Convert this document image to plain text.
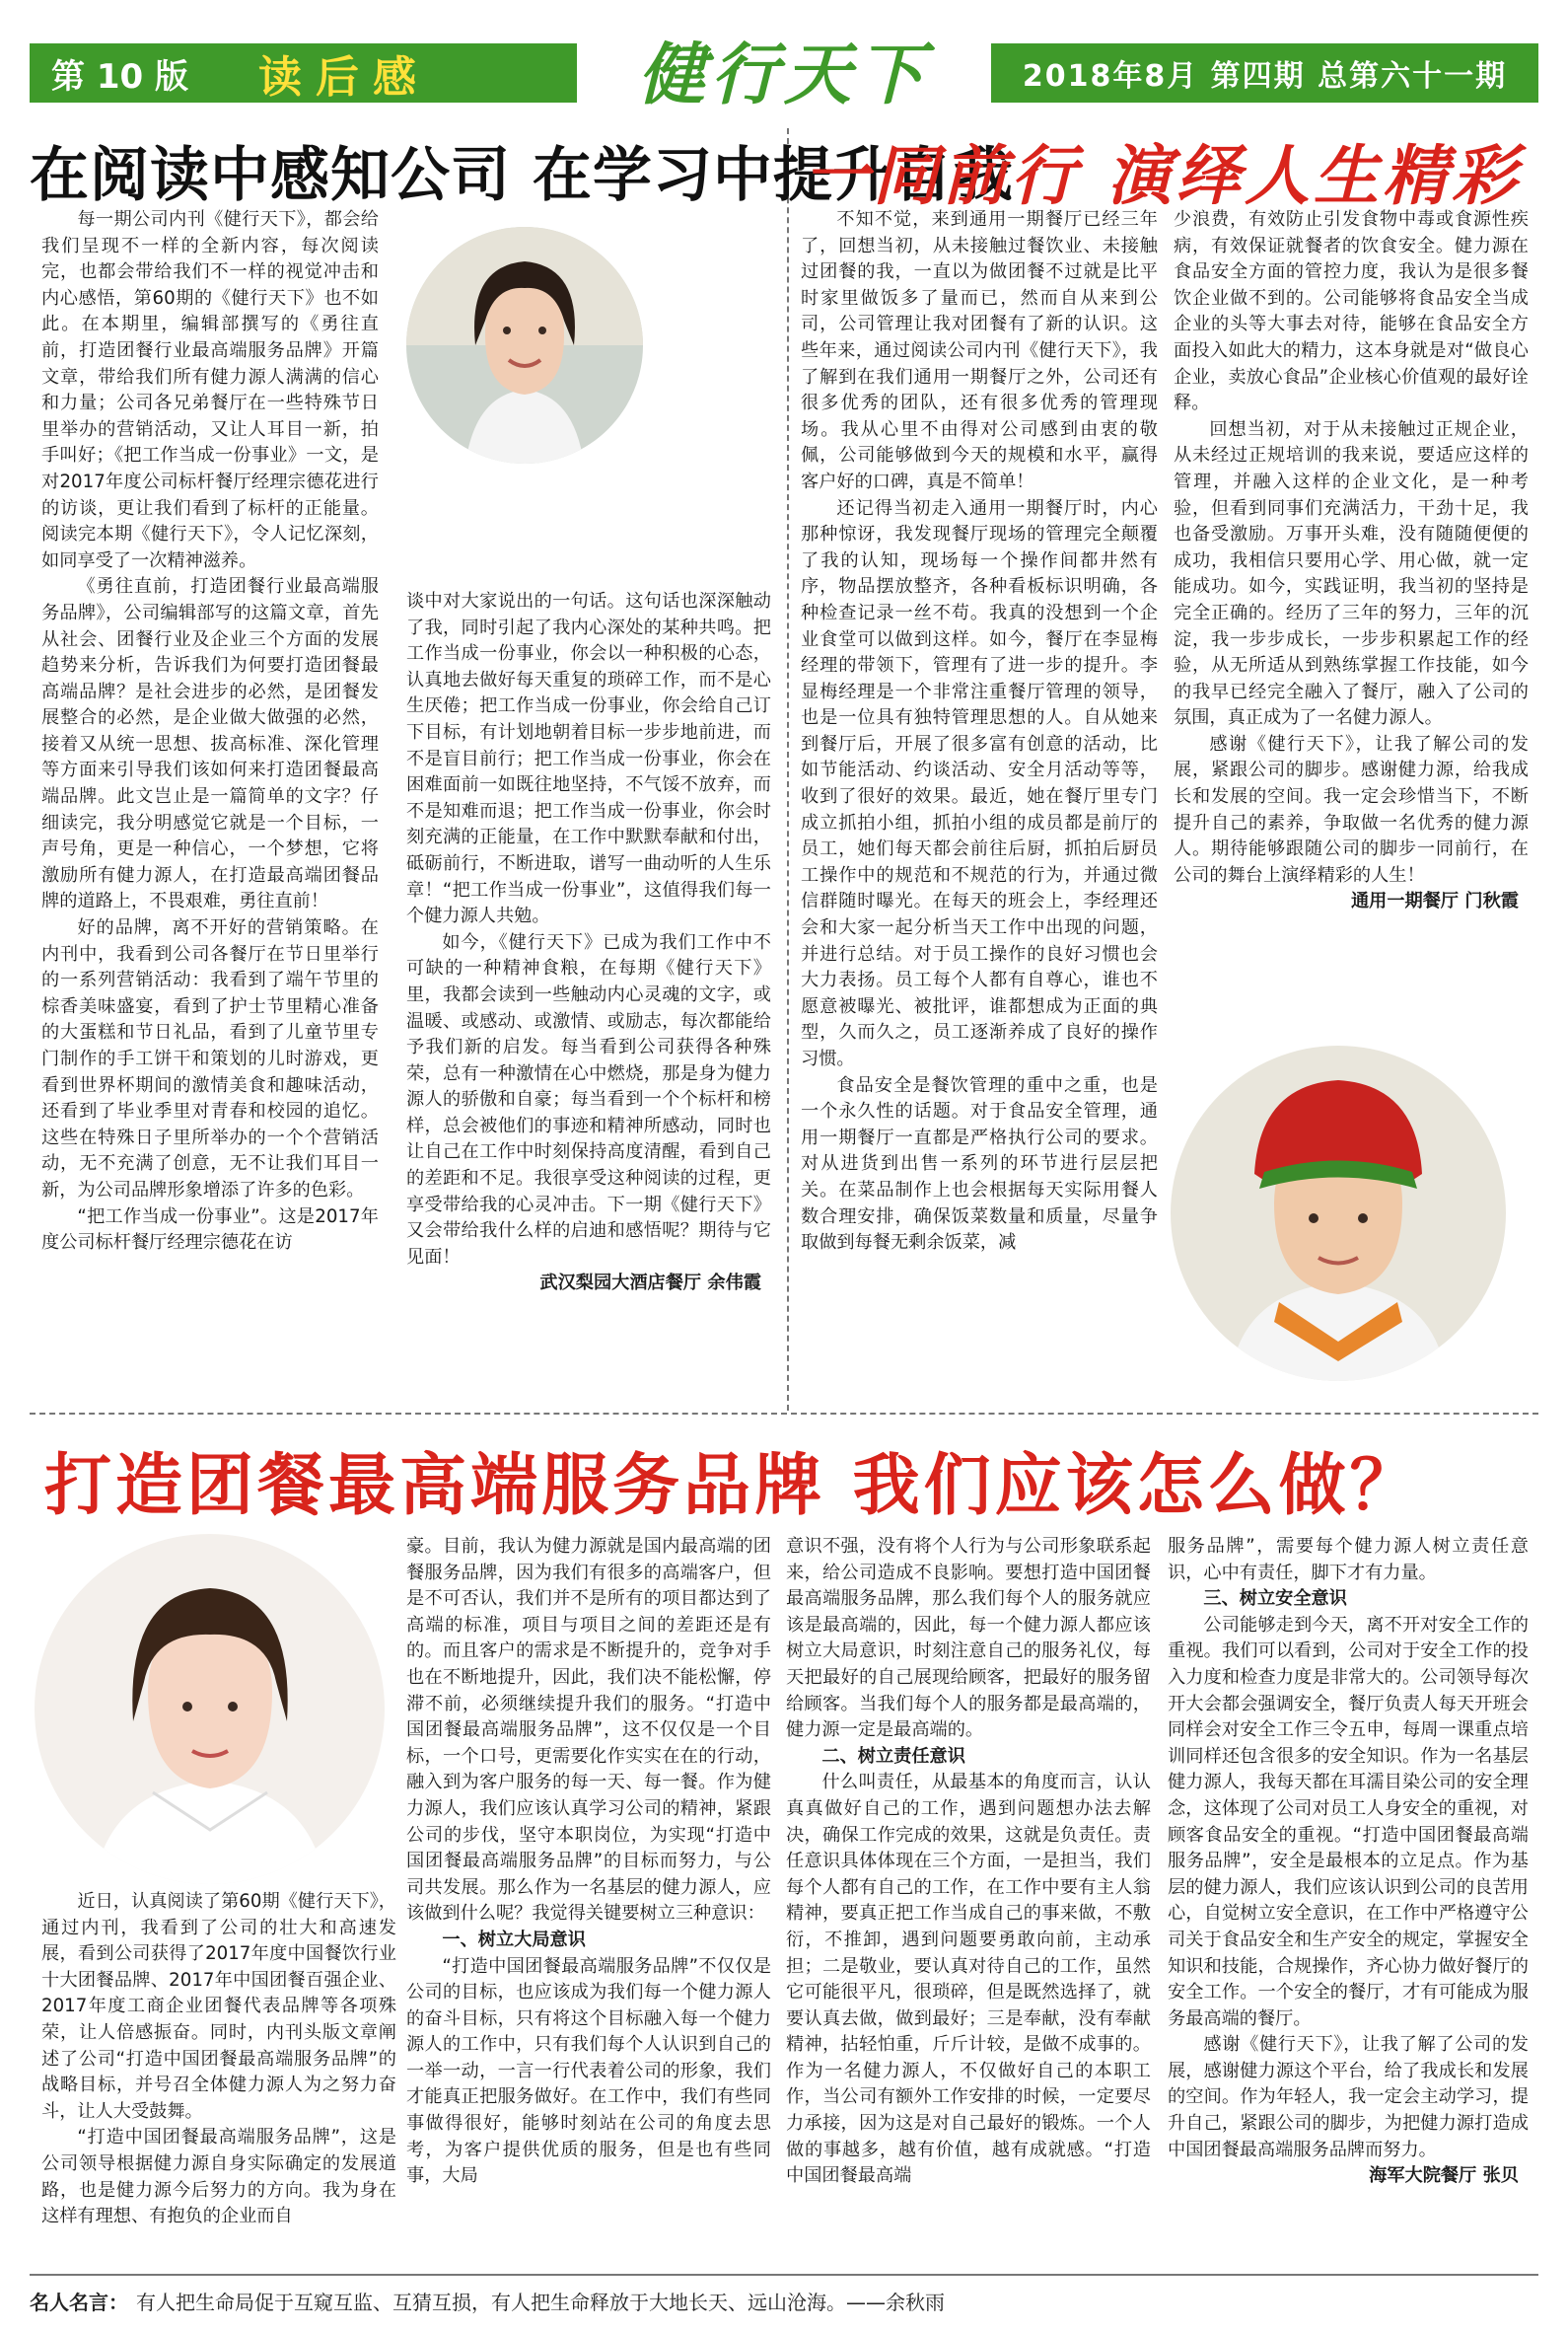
第 10 版	读后感	健行天下	2018年8月 第四期 总第六十一期
在阅读中感知公司 在学习中提升自我

每一期公司内刊《健行天下》，都会给我们呈现不一样的全新内容，每次阅读完，也都会带给我们不一样的视觉冲击和内心感悟，第60期的《健行天下》也不如此。在本期里，编辑部撰写的《勇往直前，打造团餐行业最高端服务品牌》开篇文章，带给我们所有健力源人满满的信心和力量；公司各兄弟餐厅在一些特殊节日里举办的营销活动，又让人耳目一新，拍手叫好；《把工作当成一份事业》一文，是对2017年度公司标杆餐厅经理宗德花进行的访谈，更让我们看到了标杆的正能量。阅读完本期《健行天下》，令人记忆深刻，如同享受了一次精神滋养。

《勇往直前，打造团餐行业最高端服务品牌》，公司编辑部写的这篇文章，首先从社会、团餐行业及企业三个方面的发展趋势来分析，告诉我们为何要打造团餐最高端品牌？是社会进步的必然，是团餐发展整合的必然，是企业做大做强的必然，接着又从统一思想、拔高标准、深化管理等方面来引导我们该如何来打造团餐最高端品牌。此文岂止是一篇简单的文字？仔细读完，我分明感觉它就是一个目标，一声号角，更是一种信心，一个梦想，它将激励所有健力源人，在打造最高端团餐品牌的道路上，不畏艰难，勇往直前！

好的品牌，离不开好的营销策略。在内刊中，我看到公司各餐厅在节日里举行的一系列营销活动：我看到了端午节里的棕香美味盛宴，看到了护士节里精心准备的大蛋糕和节日礼品，看到了儿童节里专门制作的手工饼干和策划的儿时游戏，更看到世界杯期间的激情美食和趣味活动，还看到了毕业季里对青春和校园的追忆。这些在特殊日子里所举办的一个个营销活动，无不充满了创意，无不让我们耳目一新，为公司品牌形象增添了许多的色彩。

“把工作当成一份事业”。这是2017年度公司标杆餐厅经理宗德花在访

谈中对大家说出的一句话。这句话也深深触动了我，同时引起了我内心深处的某种共鸣。把工作当成一份事业，你会以一种积极的心态，认真地去做好每天重复的琐碎工作，而不是心生厌倦；把工作当成一份事业，你会给自己订下目标，有计划地朝着目标一步步地前进，而不是盲目前行；把工作当成一份事业，你会在困难面前一如既往地坚持，不气馁不放弃，而不是知难而退；把工作当成一份事业，你会时刻充满的正能量，在工作中默默奉献和付出，砥砺前行，不断进取，谱写一曲动听的人生乐章！“把工作当成一份事业”，这值得我们每一个健力源人共勉。

如今，《健行天下》已成为我们工作中不可缺的一种精神食粮，在每期《健行天下》里，我都会读到一些触动内心灵魂的文字，或温暖、或感动、或激情、或励志，每次都能给予我们新的启发。每当看到公司获得各种殊荣，总有一种激情在心中燃烧，那是身为健力源人的骄傲和自豪；每当看到一个个标杆和榜样，总会被他们的事迹和精神所感动，同时也让自己在工作中时刻保持高度清醒，看到自己的差距和不足。我很享受这种阅读的过程，更享受带给我的心灵冲击。下一期《健行天下》又会带给我什么样的启迪和感悟呢？期待与它见面！

武汉梨园大酒店餐厅 余伟霞

一同前行 演绎人生精彩

不知不觉，来到通用一期餐厅已经三年了，回想当初，从未接触过餐饮业、未接触过团餐的我，一直以为做团餐不过就是比平时家里做饭多了量而已，然而自从来到公司，公司管理让我对团餐有了新的认识。这些年来，通过阅读公司内刊《健行天下》，我了解到在我们通用一期餐厅之外，公司还有很多优秀的团队，还有很多优秀的管理现场。我从心里不由得对公司感到由衷的敬佩，公司能够做到今天的规模和水平，赢得客户好的口碑，真是不简单！

还记得当初走入通用一期餐厅时，内心那种惊讶，我发现餐厅现场的管理完全颠覆了我的认知，现场每一个操作间都井然有序，物品摆放整齐，各种看板标识明确，各种检查记录一丝不苟。我真的没想到一个企业食堂可以做到这样。如今，餐厅在李显梅经理的带领下，管理有了进一步的提升。李显梅经理是一个非常注重餐厅管理的领导，也是一位具有独特管理思想的人。自从她来到餐厅后，开展了很多富有创意的活动，比如节能活动、约谈活动、安全月活动等等，收到了很好的效果。最近，她在餐厅里专门成立抓拍小组，抓拍小组的成员都是前厅的员工，她们每天都会前往后厨，抓拍后厨员工操作中的规范和不规范的行为，并通过微信群随时曝光。在每天的班会上，李经理还会和大家一起分析当天工作中出现的问题，并进行总结。对于员工操作的良好习惯也会大力表扬。员工每个人都有自尊心，谁也不愿意被曝光、被批评，谁都想成为正面的典型，久而久之，员工逐渐养成了良好的操作习惯。

食品安全是餐饮管理的重中之重，也是一个永久性的话题。对于食品安全管理，通用一期餐厅一直都是严格执行公司的要求。对从进货到出售一系列的环节进行层层把关。在菜品制作上也会根据每天实际用餐人数合理安排，确保饭菜数量和质量，尽量争取做到每餐无剩余饭菜，减

少浪费，有效防止引发食物中毒或食源性疾病，有效保证就餐者的饮食安全。健力源在食品安全方面的管控力度，我认为是很多餐饮企业做不到的。公司能够将食品安全当成企业的头等大事去对待，能够在食品安全方面投入如此大的精力，这本身就是对“做良心企业，卖放心食品”企业核心价值观的最好诠释。

回想当初，对于从未接触过正规企业，从未经过正规培训的我来说，要适应这样的管理，并融入这样的企业文化，是一种考验，但看到同事们充满活力，干劲十足，我也备受激励。万事开头难，没有随随便便的成功，我相信只要用心学、用心做，就一定能成功。如今，实践证明，我当初的坚持是完全正确的。经历了三年的努力，三年的沉淀，我一步步成长，一步步积累起工作的经验，从无所适从到熟练掌握工作技能，如今的我早已经完全融入了餐厅，融入了公司的氛围，真正成为了一名健力源人。

感谢《健行天下》，让我了解公司的发展，紧跟公司的脚步。感谢健力源，给我成长和发展的空间。我一定会珍惜当下，不断提升自己的素养，争取做一名优秀的健力源人。期待能够跟随公司的脚步一同前行，在公司的舞台上演绎精彩的人生！

通用一期餐厅 门秋霞

打造团餐最高端服务品牌 我们应该怎么做？

近日，认真阅读了第60期《健行天下》，通过内刊，我看到了公司的壮大和高速发展，看到公司获得了2017年度中国餐饮行业十大团餐品牌、2017年中国团餐百强企业、2017年度工商企业团餐代表品牌等各项殊荣，让人倍感振奋。同时，内刊头版文章阐述了公司“打造中国团餐最高端服务品牌”的战略目标，并号召全体健力源人为之努力奋斗，让人大受鼓舞。

“打造中国团餐最高端服务品牌”，这是公司领导根据健力源自身实际确定的发展道路，也是健力源今后努力的方向。我为身在这样有理想、有抱负的企业而自

豪。目前，我认为健力源就是国内最高端的团餐服务品牌，因为我们有很多的高端客户，但是不可否认，我们并不是所有的项目都达到了高端的标准，项目与项目之间的差距还是有的。而且客户的需求是不断提升的，竞争对手也在不断地提升，因此，我们决不能松懈，停滞不前，必须继续提升我们的服务。“打造中国团餐最高端服务品牌”，这不仅仅是一个目标，一个口号，更需要化作实实在在的行动，融入到为客户服务的每一天、每一餐。作为健力源人，我们应该认真学习公司的精神，紧跟公司的步伐，坚守本职岗位，为实现“打造中国团餐最高端服务品牌”的目标而努力，与公司共发展。那么作为一名基层的健力源人，应该做到什么呢？我觉得关键要树立三种意识：

一、树立大局意识

“打造中国团餐最高端服务品牌”不仅仅是公司的目标，也应该成为我们每一个健力源人的奋斗目标，只有将这个目标融入每一个健力源人的工作中，只有我们每个人认识到自己的一举一动，一言一行代表着公司的形象，我们才能真正把服务做好。在工作中，我们有些同事做得很好，能够时刻站在公司的角度去思考，为客户提供优质的服务，但是也有些同事，大局

意识不强，没有将个人行为与公司形象联系起来，给公司造成不良影响。要想打造中国团餐最高端服务品牌，那么我们每个人的服务就应该是最高端的，因此，每一个健力源人都应该树立大局意识，时刻注意自己的服务礼仪，每天把最好的自己展现给顾客，把最好的服务留给顾客。当我们每个人的服务都是最高端的，健力源一定是最高端的。

二、树立责任意识

什么叫责任，从最基本的角度而言，认认真真做好自己的工作，遇到问题想办法去解决，确保工作完成的效果，这就是负责任。责任意识具体体现在三个方面，一是担当，我们每个人都有自己的工作，在工作中要有主人翁精神，要真正把工作当成自己的事来做，不敷衍，不推卸，遇到问题要勇敢向前，主动承担；二是敬业，要认真对待自己的工作，虽然它可能很平凡，很琐碎，但是既然选择了，就要认真去做，做到最好；三是奉献，没有奉献精神，拈轻怕重，斤斤计较，是做不成事的。作为一名健力源人，不仅做好自己的本职工作，当公司有额外工作安排的时候，一定要尽力承接，因为这是对自己最好的锻炼。一个人做的事越多，越有价值，越有成就感。“打造中国团餐最高端

服务品牌”，需要每个健力源人树立责任意识，心中有责任，脚下才有力量。

三、树立安全意识

公司能够走到今天，离不开对安全工作的重视。我们可以看到，公司对于安全工作的投入力度和检查力度是非常大的。公司领导每次开大会都会强调安全，餐厅负责人每天开班会同样会对安全工作三令五申，每周一课重点培训同样还包含很多的安全知识。作为一名基层健力源人，我每天都在耳濡目染公司的安全理念，这体现了公司对员工人身安全的重视，对顾客食品安全的重视。“打造中国团餐最高端服务品牌”，安全是最根本的立足点。作为基层的健力源人，我们应该认识到公司的良苦用心，自觉树立安全意识，在工作中严格遵守公司关于食品安全和生产安全的规定，掌握安全知识和技能，合规操作，齐心协力做好餐厅的安全工作。一个安全的餐厅，才有可能成为服务最高端的餐厅。

感谢《健行天下》，让我了解了公司的发展，感谢健力源这个平台，给了我成长和发展的空间。作为年轻人，我一定会主动学习，提升自己，紧跟公司的脚步，为把健力源打造成中国团餐最高端服务品牌而努力。

海军大院餐厅 张贝

名人名言： 有人把生命局促于互窥互监、互猜互损，有人把生命释放于大地长天、远山沧海。——余秋雨
